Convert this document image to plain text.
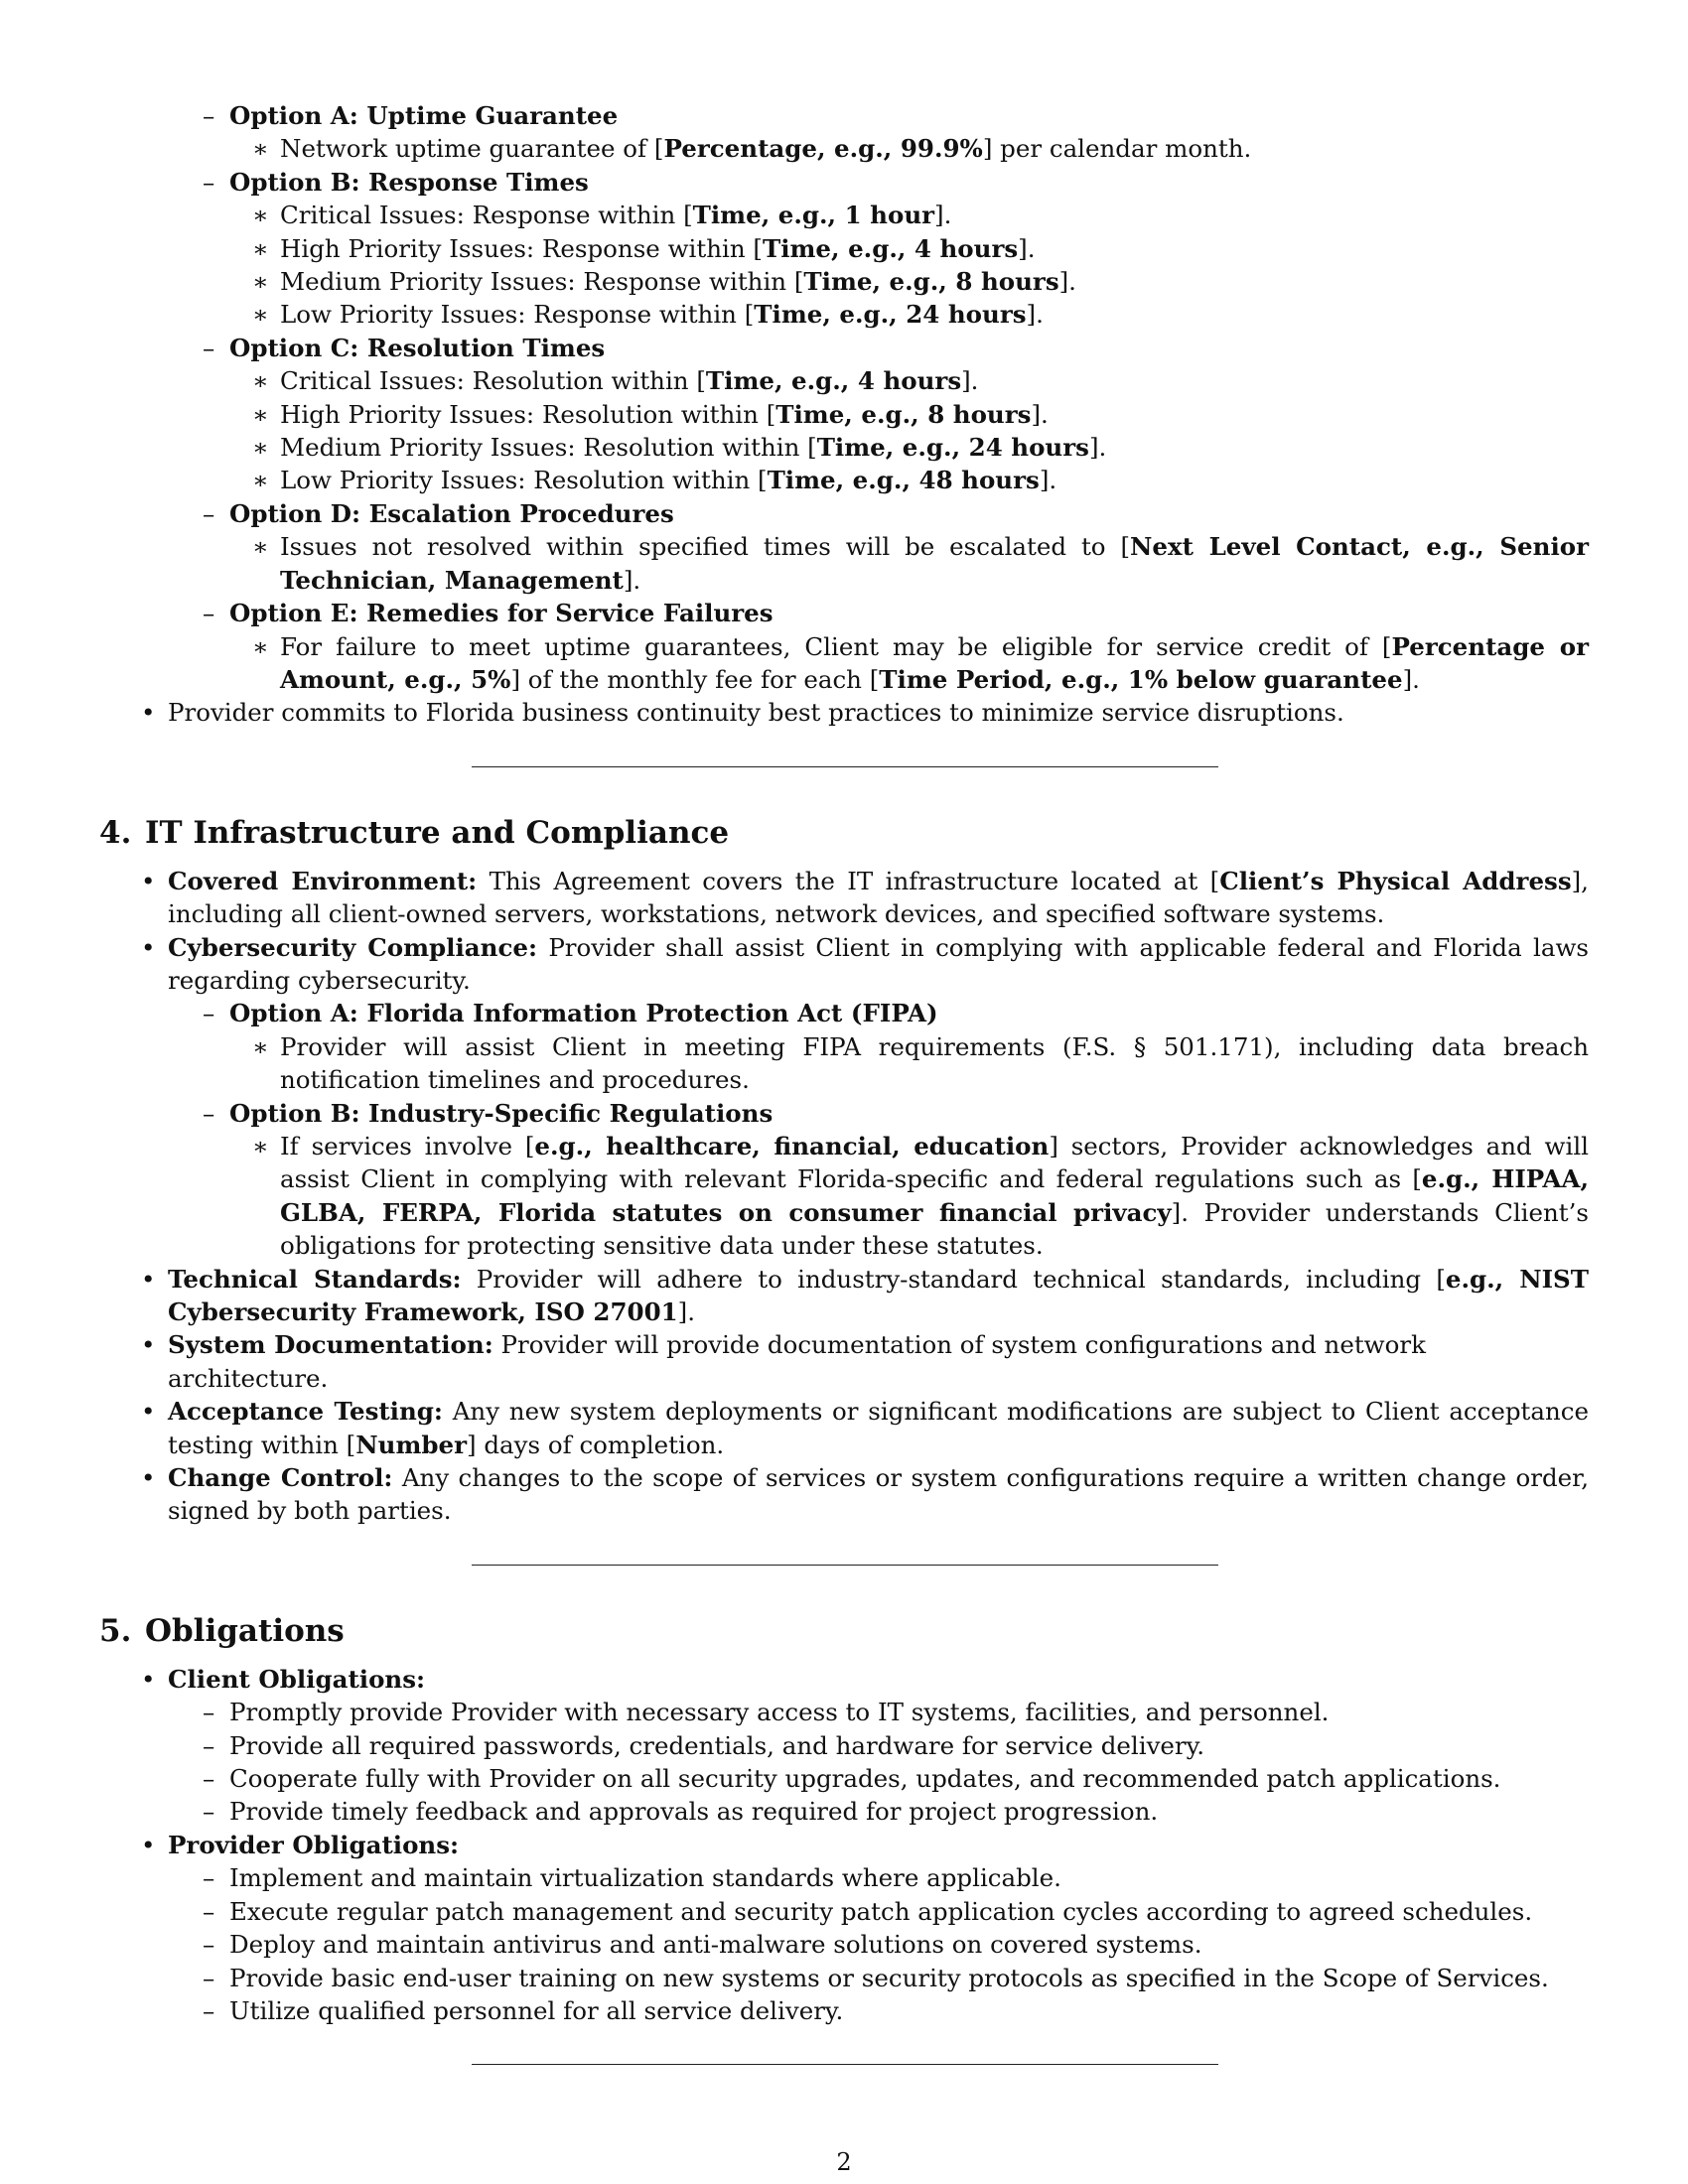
– Option A: Uptime Guarantee
∗ Network uptime guarantee of [Percentage, e.g., 99.9%] per calendar month.
– Option B: Response Times
∗ Critical Issues: Response within [Time, e.g., 1 hour].
∗ High Priority Issues: Response within [Time, e.g., 4 hours].
∗ Medium Priority Issues: Response within [Time, e.g., 8 hours].
∗ Low Priority Issues: Response within [Time, e.g., 24 hours].
– Option C: Resolution Times
∗ Critical Issues: Resolution within [Time, e.g., 4 hours].
∗ High Priority Issues: Resolution within [Time, e.g., 8 hours].
∗ Medium Priority Issues: Resolution within [Time, e.g., 24 hours].
∗ Low Priority Issues: Resolution within [Time, e.g., 48 hours].
– Option D: Escalation Procedures
∗ Issues not resolved within specified times will be escalated to [Next Level Contact, e.g., Senior Technician, Management].
– Option E: Remedies for Service Failures
∗ For failure to meet uptime guarantees, Client may be eligible for service credit of [Percentage or Amount, e.g., 5%] of the monthly fee for each [Time Period, e.g., 1% below guarantee].
• Provider commits to Florida business continuity best practices to minimize service disruptions.
4. IT Infrastructure and Compliance
• Covered Environment: This Agreement covers the IT infrastructure located at [Client’s Physical Address], including all client-owned servers, workstations, network devices, and specified software systems.
• Cybersecurity Compliance: Provider shall assist Client in complying with applicable federal and Florida laws regarding cybersecurity.
– Option A: Florida Information Protection Act (FIPA)
∗ Provider will assist Client in meeting FIPA requirements (F.S. § 501.171), including data breach notification timelines and procedures.
– Option B: Industry-Specific Regulations
∗ If services involve [e.g., healthcare, financial, education] sectors, Provider acknowledges and will assist Client in complying with relevant Florida-specific and federal regulations such as [e.g., HIPAA, GLBA, FERPA, Florida statutes on consumer financial privacy]. Provider understands Client’s obligations for protecting sensitive data under these statutes.
• Technical Standards: Provider will adhere to industry-standard technical standards, including [e.g., NIST Cybersecurity Framework, ISO 27001].
• System Documentation: Provider will provide documentation of system configurations and network architecture.
• Acceptance Testing: Any new system deployments or significant modifications are subject to Client acceptance testing within [Number] days of completion.
• Change Control: Any changes to the scope of services or system configurations require a written change order, signed by both parties.
5. Obligations
• Client Obligations:
– Promptly provide Provider with necessary access to IT systems, facilities, and personnel.
– Provide all required passwords, credentials, and hardware for service delivery.
– Cooperate fully with Provider on all security upgrades, updates, and recommended patch applications.
– Provide timely feedback and approvals as required for project progression.
• Provider Obligations:
– Implement and maintain virtualization standards where applicable.
– Execute regular patch management and security patch application cycles according to agreed schedules.
– Deploy and maintain antivirus and anti-malware solutions on covered systems.
– Provide basic end-user training on new systems or security protocols as specified in the Scope of Services.
– Utilize qualified personnel for all service delivery.
2
